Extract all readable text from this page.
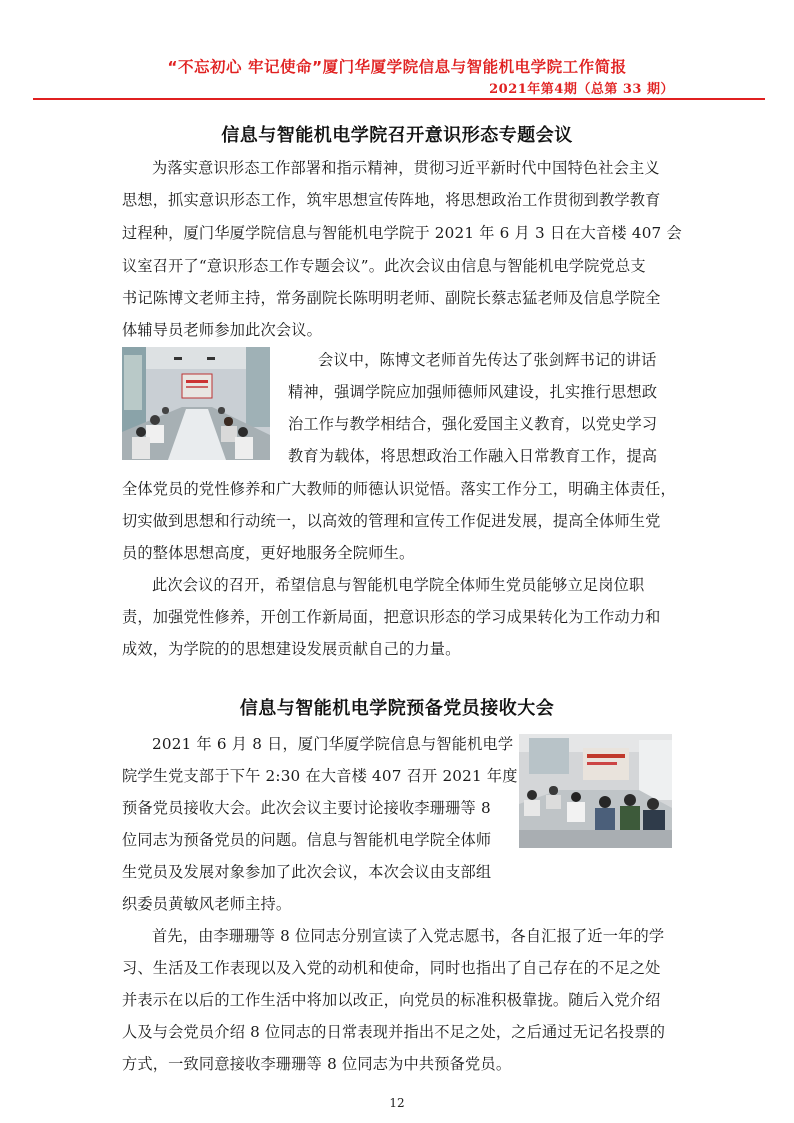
“不忘初心 牢记使命”厦门华厦学院信息与智能机电学院工作简报
2021年第4期（总第 33 期）
信息与智能机电学院召开意识形态专题会议
为落实意识形态工作部署和指示精神，贯彻习近平新时代中国特色社会主义
思想，抓实意识形态工作，筑牢思想宣传阵地，将思想政治工作贯彻到教学教育
过程种，厦门华厦学院信息与智能机电学院于 2021 年 6 月 3 日在大音楼 407 会
议室召开了“意识形态工作专题会议”。此次会议由信息与智能机电学院党总支
书记陈博文老师主持，常务副院长陈明明老师、副院长蔡志猛老师及信息学院全
体辅导员老师参加此次会议。
会议中，陈博文老师首先传达了张剑辉书记的讲话
精神，强调学院应加强师德师风建设，扎实推行思想政
治工作与教学相结合，强化爱国主义教育，以党史学习
教育为载体，将思想政治工作融入日常教育工作，提高
全体党员的党性修养和广大教师的师德认识觉悟。落实工作分工，明确主体责任，
切实做到思想和行动统一，以高效的管理和宣传工作促进发展，提高全体师生党
员的整体思想高度，更好地服务全院师生。
此次会议的召开，希望信息与智能机电学院全体师生党员能够立足岗位职
责，加强党性修养，开创工作新局面，把意识形态的学习成果转化为工作动力和
成效，为学院的的思想建设发展贡献自己的力量。
信息与智能机电学院预备党员接收大会
2021 年 6 月 8 日，厦门华厦学院信息与智能机电学
院学生党支部于下午 2:30 在大音楼 407 召开 2021 年度
预备党员接收大会。此次会议主要讨论接收李珊珊等 8
位同志为预备党员的问题。信息与智能机电学院全体师
生党员及发展对象参加了此次会议，本次会议由支部组
织委员黄敏风老师主持。
首先，由李珊珊等 8 位同志分别宣读了入党志愿书，各自汇报了近一年的学
习、生活及工作表现以及入党的动机和使命，同时也指出了自己存在的不足之处
并表示在以后的工作生活中将加以改正，向党员的标准积极靠拢。随后入党介绍
人及与会党员介绍 8 位同志的日常表现并指出不足之处，之后通过无记名投票的
方式，一致同意接收李珊珊等 8 位同志为中共预备党员。
12
